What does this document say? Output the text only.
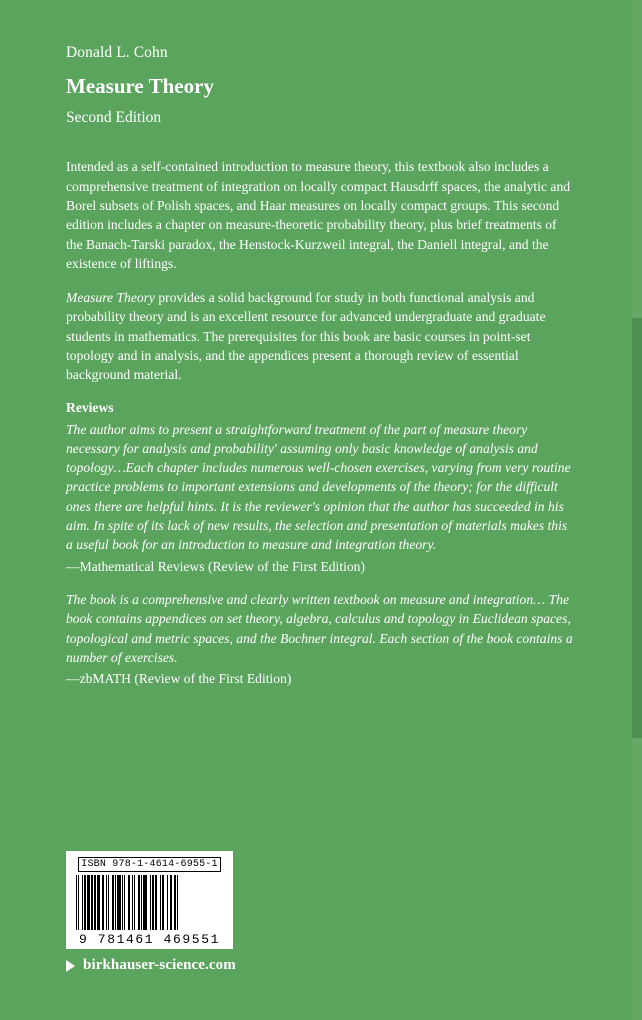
Donald L. Cohn
Measure Theory
Second Edition
Intended as a self-contained introduction to measure theory, this textbook also includes a comprehensive treatment of integration on locally compact Hausdrff spaces, the analytic and Borel subsets of Polish spaces, and Haar measures on locally compact groups. This second edition includes a chapter on measure-theoretic probability theory, plus brief treatments of the Banach-Tarski paradox, the Henstock-Kurzweil integral, the Daniell integral, and the existence of liftings.
Measure Theory provides a solid background for study in both functional analysis and probability theory and is an excellent resource for advanced undergraduate and graduate students in mathematics. The prerequisites for this book are basic courses in point-set topology and in analysis, and the appendices present a thorough review of essential background material.
Reviews
The author aims to present a straightforward treatment of the part of measure theory necessary for analysis and probability' assuming only basic knowledge of analysis and topology…Each chapter includes numerous well-chosen exercises, varying from very routine practice problems to important extensions and developments of the theory; for the difficult ones there are helpful hints. It is the reviewer's opinion that the author has succeeded in his aim. In spite of its lack of new results, the selection and presentation of materials makes this a useful book for an introduction to measure and integration theory.
—Mathematical Reviews (Review of the First Edition)
The book is a comprehensive and clearly written textbook on measure and integration… The book contains appendices on set theory, algebra, calculus and topology in Euclidean spaces, topological and metric spaces, and the Bochner integral. Each section of the book contains a number of exercises.
—zbMATH (Review of the First Edition)
ISBN 978-1-4614-6955-1
9 781461 469551
birkhauser-science.com
